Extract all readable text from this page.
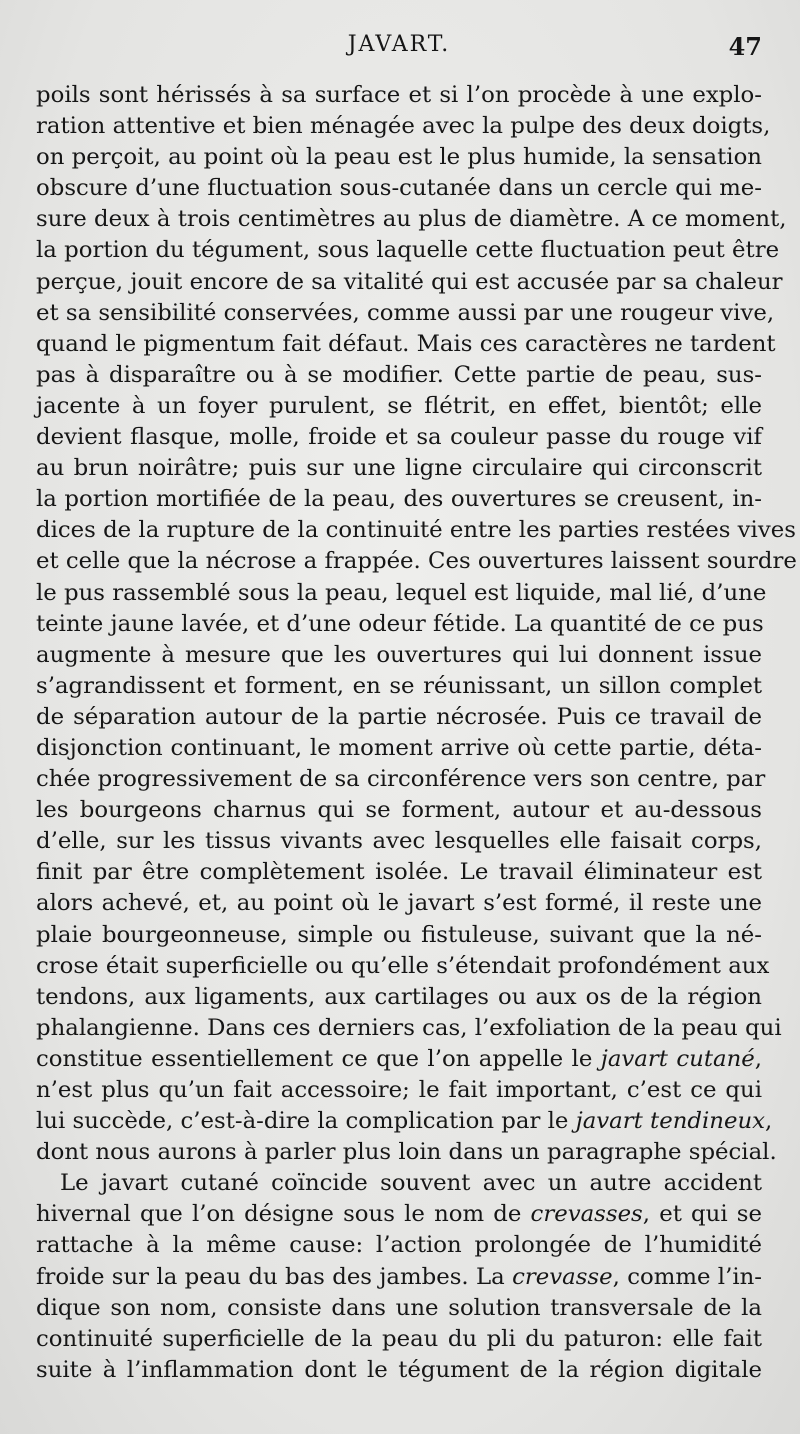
JAVART.	47
poils sont hérissés à sa surface et si l’on procède à une explo-
ration attentive et bien ménagée avec la pulpe des deux doigts,
on perçoit, au point où la peau est le plus humide, la sensation
obscure d’une fluctuation sous-cutanée dans un cercle qui me-
sure deux à trois centimètres au plus de diamètre. A ce moment,
la portion du tégument, sous laquelle cette fluctuation peut être
perçue, jouit encore de sa vitalité qui est accusée par sa chaleur
et sa sensibilité conservées, comme aussi par une rougeur vive,
quand le pigmentum fait défaut. Mais ces caractères ne tardent
pas à disparaître ou à se modifier. Cette partie de peau, sus-
jacente à un foyer purulent, se flétrit, en effet, bientôt; elle
devient flasque, molle, froide et sa couleur passe du rouge vif
au brun noirâtre; puis sur une ligne circulaire qui circonscrit
la portion mortifiée de la peau, des ouvertures se creusent, in-
dices de la rupture de la continuité entre les parties restées vives
et celle que la nécrose a frappée. Ces ouvertures laissent sourdre
le pus rassemblé sous la peau, lequel est liquide, mal lié, d’une
teinte jaune lavée, et d’une odeur fétide. La quantité de ce pus
augmente à mesure que les ouvertures qui lui donnent issue
s’agrandissent et forment, en se réunissant, un sillon complet
de séparation autour de la partie nécrosée. Puis ce travail de
disjonction continuant, le moment arrive où cette partie, déta-
chée progressivement de sa circonférence vers son centre, par
les bourgeons charnus qui se forment, autour et au-dessous
d’elle, sur les tissus vivants avec lesquelles elle faisait corps,
finit par être complètement isolée. Le travail éliminateur est
alors achevé, et, au point où le javart s’est formé, il reste une
plaie bourgeonneuse, simple ou fistuleuse, suivant que la né-
crose était superficielle ou qu’elle s’étendait profondément aux
tendons, aux ligaments, aux cartilages ou aux os de la région
phalangienne. Dans ces derniers cas, l’exfoliation de la peau qui
constitue essentiellement ce que l’on appelle le javart cutané,
n’est plus qu’un fait accessoire; le fait important, c’est ce qui
lui succède, c’est-à-dire la complication par le javart tendineux,
dont nous aurons à parler plus loin dans un paragraphe spécial.
Le javart cutané coïncide souvent avec un autre accident
hivernal que l’on désigne sous le nom de crevasses, et qui se
rattache à la même cause: l’action prolongée de l’humidité
froide sur la peau du bas des jambes. La crevasse, comme l’in-
dique son nom, consiste dans une solution transversale de la
continuité superficielle de la peau du pli du paturon: elle fait
suite à l’inflammation dont le tégument de la région digitale
